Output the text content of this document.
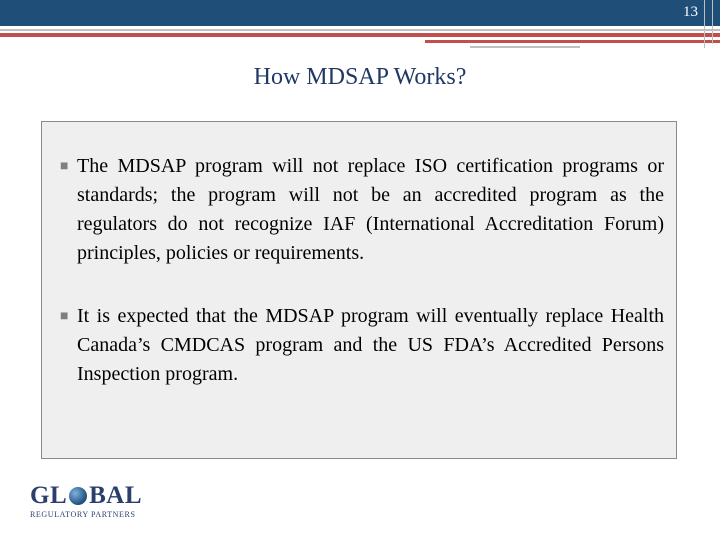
13
How MDSAP Works?
■ The MDSAP program will not replace ISO certification programs or standards; the program will not be an accredited program as the regulators do not recognize IAF (International Accreditation Forum) principles, policies or requirements.
■ It is expected that the MDSAP program will eventually replace Health Canada’s CMDCAS program and the US FDA’s Accredited Persons Inspection program.
GL BAL
REGULATORY PARTNERS
